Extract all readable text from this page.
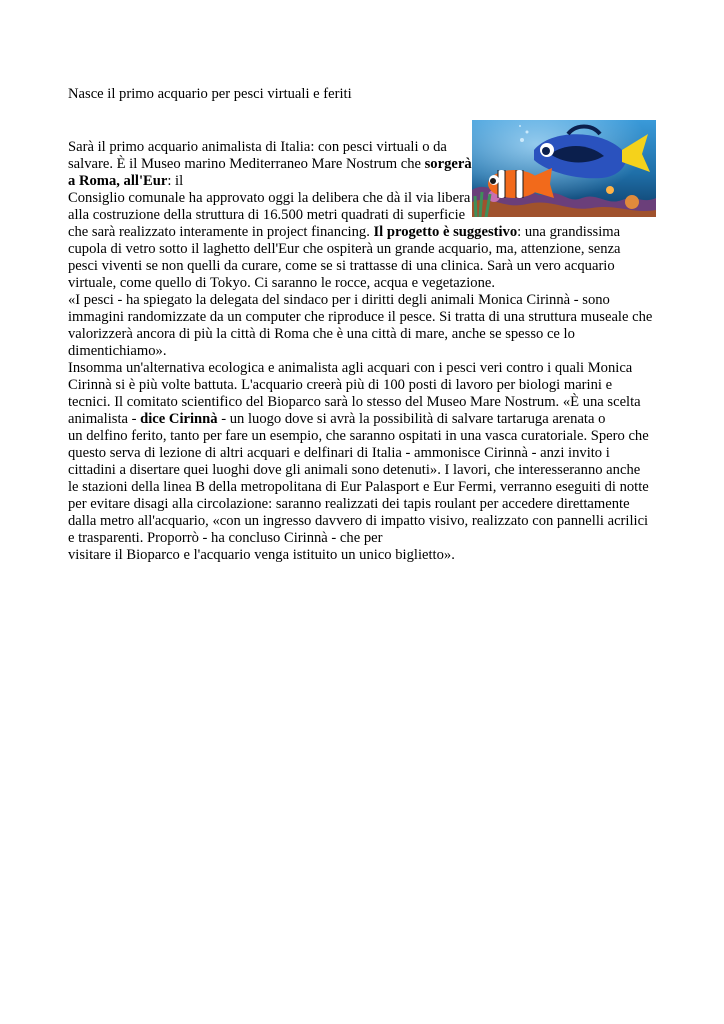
Nasce il primo acquario per pesci virtuali e feriti
Sarà il primo acquario animalista di Italia: con pesci virtuali o da
salvare. È il Museo marino Mediterraneo Mare Nostrum che sorgerà
a Roma, all'Eur: il
Consiglio comunale ha approvato oggi la delibera che dà il via libera
alla costruzione della struttura di 16.500 metri quadrati di superficie
che sarà realizzato interamente in project financing. Il progetto è suggestivo: una grandissima
cupola di vetro sotto il laghetto dell'Eur che ospiterà un grande acquario, ma, attenzione, senza
pesci viventi se non quelli da curare, come se si trattasse di una clinica. Sarà un vero acquario
virtuale, come quello di Tokyo. Ci saranno le rocce, acqua e vegetazione.
«I pesci - ha spiegato la delegata del sindaco per i diritti degli animali Monica Cirinnà - sono
immagini randomizzate da un computer che riproduce il pesce. Si tratta di una struttura museale che
valorizzerà ancora di più la città di Roma che è una città di mare, anche se spesso ce lo
dimentichiamo».
Insomma un'alternativa ecologica e animalista agli acquari con i pesci veri contro i quali Monica
Cirinnà si è più volte battuta. L'acquario creerà più di 100 posti di lavoro per biologi marini e
tecnici. Il comitato scientifico del Bioparco sarà lo stesso del Museo Mare Nostrum. «È una scelta
animalista - dice Cirinnà - un luogo dove si avrà la possibilità di salvare tartaruga arenata o
un delfino ferito, tanto per fare un esempio, che saranno ospitati in una vasca curatoriale. Spero che
questo serva di lezione di altri acquari e delfinari di Italia - ammonisce Cirinnà - anzi invito i
cittadini a disertare quei luoghi dove gli animali sono detenuti». I lavori, che interesseranno anche
le stazioni della linea B della metropolitana di Eur Palasport e Eur Fermi, verranno eseguiti di notte
per evitare disagi alla circolazione: saranno realizzati dei tapis roulant per accedere direttamente
dalla metro all'acquario, «con un ingresso davvero di impatto visivo, realizzato con pannelli acrilici
e trasparenti. Proporrò - ha concluso Cirinnà - che per
visitare il Bioparco e l'acquario venga istituito un unico biglietto».
